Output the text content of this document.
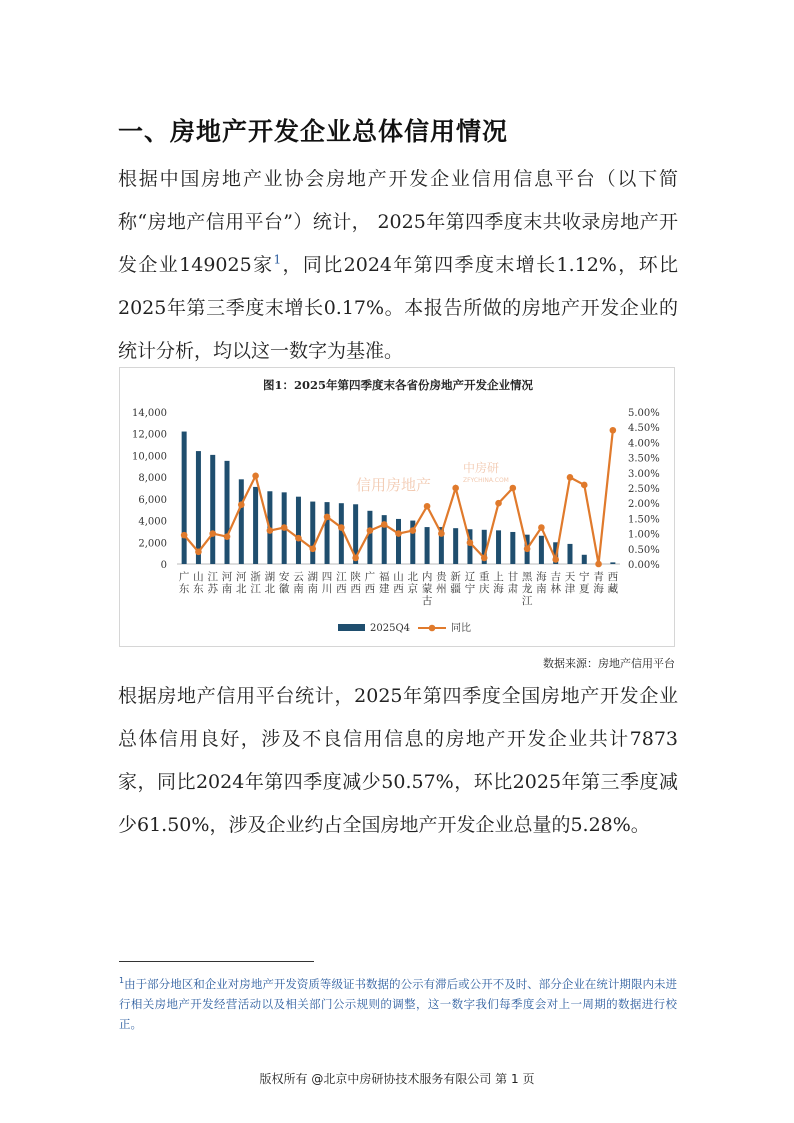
一、房地产开发企业总体信用情况
根据中国房地产业协会房地产开发企业信用信息平台（以下简称“房地产信用平台”）统计， 2025年第四季度末共收录房地产开发企业149025家$^1$，同比2024年第四季度末增长1.12%，环比2025年第三季度末增长0.17%。本报告所做的房地产开发企业的统计分析，均以这一数字为基准。
图1：2025年第四季度末各省份房地产开发企业情况
信用房地产
中房研
ZFYCHINA.COM
0
2,000
4,000
6,000
8,000
10,000
12,000
14,000
0.00%
0.50%
1.00%
1.50%
2.00%
2.50%
3.00%
3.50%
4.00%
4.50%
5.00%
广东
山东
江苏
河南
河北
浙江
湖北
安徽
云南
湖南
四川
江西
陕西
广西
福建
山西
北京
内蒙古
贵州
新疆
辽宁
重庆
上海
甘肃
黑龙江
海南
吉林
天津
宁夏
青海
西藏
2025Q4	同比
数据来源：房地产信用平台
根据房地产信用平台统计，2025年第四季度全国房地产开发企业总体信用良好，涉及不良信用信息的房地产开发企业共计7873家，同比2024年第四季度减少50.57%，环比2025年第三季度减少61.50%，涉及企业约占全国房地产开发企业总量的5.28%。
$^1$由于部分地区和企业对房地产开发资质等级证书数据的公示有滞后或公开不及时、部分企业在统计期限内未进行相关房地产开发经营活动以及相关部门公示规则的调整，这一数字我们每季度会对上一周期的数据进行校正。
版权所有 @北京中房研协技术服务有限公司 第 1 页
